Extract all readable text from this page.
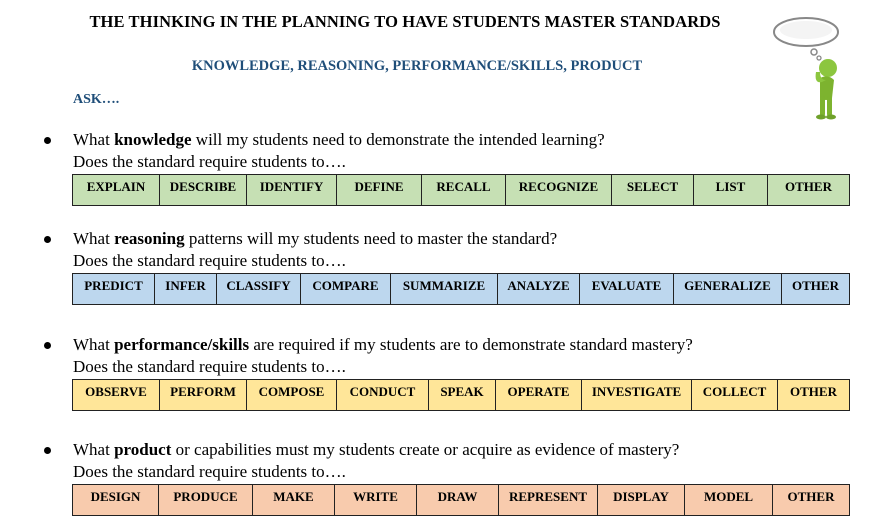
THE THINKING IN THE PLANNING TO HAVE STUDENTS MASTER STANDARDS
KNOWLEDGE, REASONING, PERFORMANCE/SKILLS, PRODUCT
ASK….
What knowledge will my students need to demonstrate the intended learning?
Does the standard require students to….
EXPLAIN	DESCRIBE	IDENTIFY	DEFINE	RECALL	RECOGNIZE	SELECT	LIST	OTHER
What reasoning patterns will my students need to master the standard?
Does the standard require students to….
PREDICT	INFER	CLASSIFY	COMPARE	SUMMARIZE	ANALYZE	EVALUATE	GENERALIZE	OTHER
What performance/skills are required if my students are to demonstrate standard mastery?
Does the standard require students to….
OBSERVE	PERFORM	COMPOSE	CONDUCT	SPEAK	OPERATE	INVESTIGATE	COLLECT	OTHER
What product or capabilities must my students create or acquire as evidence of mastery?
Does the standard require students to….
DESIGN	PRODUCE	MAKE	WRITE	DRAW	REPRESENT	DISPLAY	MODEL	OTHER
